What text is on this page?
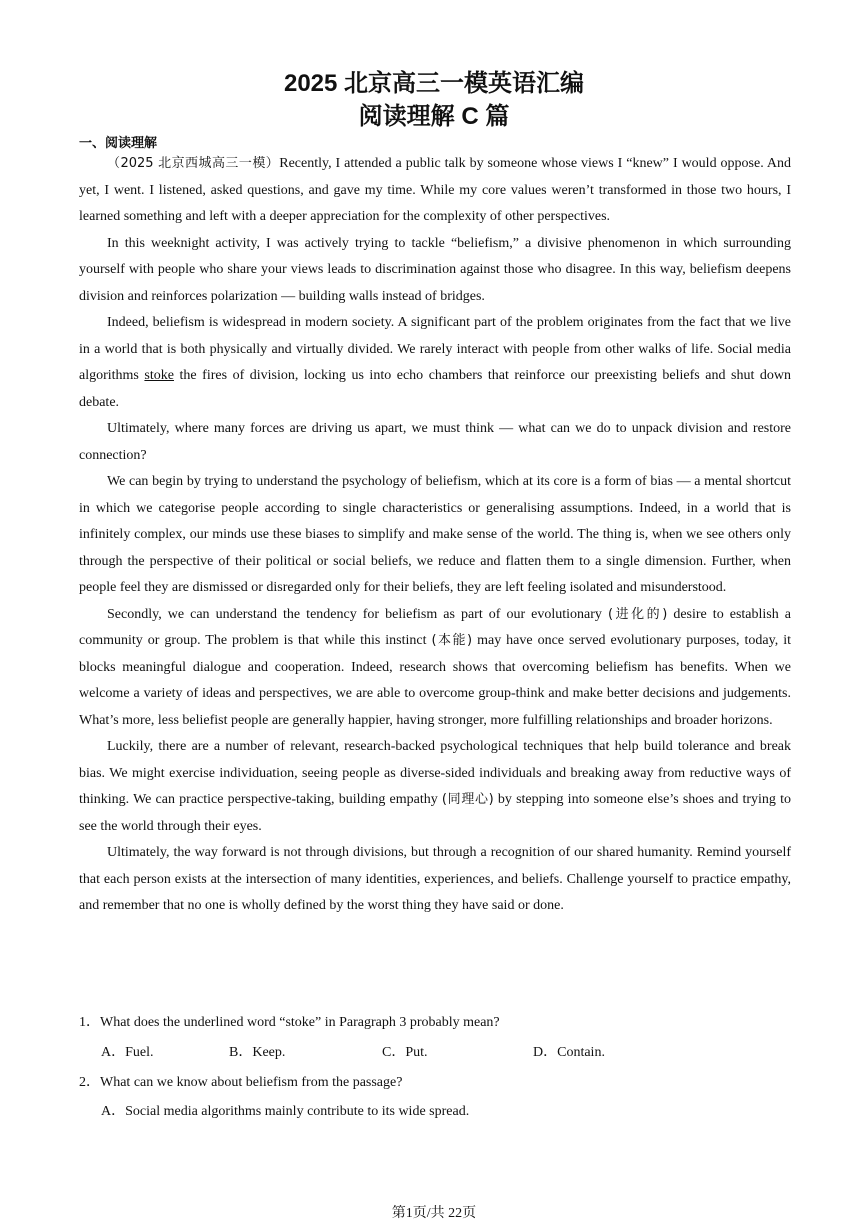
2025 北京高三一模英语汇编
阅读理解 C 篇
一、阅读理解

（2025 北京西城高三一模）Recently, I attended a public talk by someone whose views I “knew” I would oppose. And yet, I went. I listened, asked questions, and gave my time. While my core values weren’t transformed in those two hours, I learned something and left with a deeper appreciation for the complexity of other perspectives.

In this weeknight activity, I was actively trying to tackle “beliefism,” a divisive phenomenon in which surrounding yourself with people who share your views leads to discrimination against those who disagree. In this way, beliefism deepens division and reinforces polarization — building walls instead of bridges.

Indeed, beliefism is widespread in modern society. A significant part of the problem originates from the fact that we live in a world that is both physically and virtually divided. We rarely interact with people from other walks of life. Social media algorithms stoke the fires of division, locking us into echo chambers that reinforce our preexisting beliefs and shut down debate.

Ultimately, where many forces are driving us apart, we must think — what can we do to unpack division and restore connection?

We can begin by trying to understand the psychology of beliefism, which at its core is a form of bias — a mental shortcut in which we categorise people according to single characteristics or generalising assumptions. Indeed, in a world that is infinitely complex, our minds use these biases to simplify and make sense of the world. The thing is, when we see others only through the perspective of their political or social beliefs, we reduce and flatten them to a single dimension. Further, when people feel they are dismissed or disregarded only for their beliefs, they are left feeling isolated and misunderstood.

Secondly, we can understand the tendency for beliefism as part of our evolutionary (进化的) desire to establish a community or group. The problem is that while this instinct (本能) may have once served evolutionary purposes, today, it blocks meaningful dialogue and cooperation. Indeed, research shows that overcoming beliefism has benefits. When we welcome a variety of ideas and perspectives, we are able to overcome group-think and make better decisions and judgements. What’s more, less beliefist people are generally happier, having stronger, more fulfilling relationships and broader horizons.

Luckily, there are a number of relevant, research-backed psychological techniques that help build tolerance and break bias. We might exercise individuation, seeing people as diverse-sided individuals and breaking away from reductive ways of thinking. We can practice perspective-taking, building empathy (同理心) by stepping into someone else’s shoes and trying to see the world through their eyes.

Ultimately, the way forward is not through divisions, but through a recognition of our shared humanity. Remind yourself that each person exists at the intersection of many identities, experiences, and beliefs. Challenge yourself to practice empathy, and remember that no one is wholly defined by the worst thing they have said or done.

1．What does the underlined word “stoke” in Paragraph 3 probably mean?

A．Fuel.	B．Keep.	C．Put.	D．Contain.

2．What can we know about beliefism from the passage?

A．Social media algorithms mainly contribute to its wide spread.
第1页/共 22页
